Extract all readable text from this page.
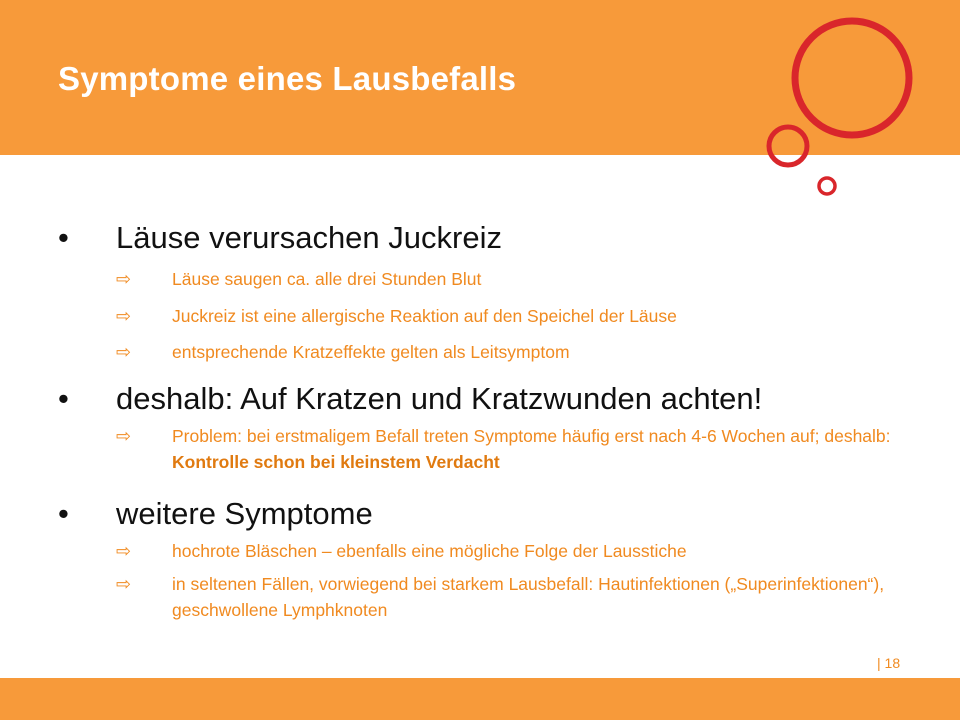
Symptome eines Lausbefalls
• Läuse verursachen Juckreiz
⇨ Läuse saugen ca. alle drei Stunden Blut
⇨ Juckreiz ist eine allergische Reaktion auf den Speichel der Läuse
⇨ entsprechende Kratzeffekte gelten als Leitsymptom
• deshalb: Auf Kratzen und Kratzwunden achten!
⇨ Problem: bei erstmaligem Befall treten Symptome häufig erst nach 4-6 Wochen auf; deshalb: Kontrolle schon bei kleinstem Verdacht
• weitere Symptome
⇨ hochrote Bläschen – ebenfalls eine mögliche Folge der Lausstiche
⇨ in seltenen Fällen, vorwiegend bei starkem Lausbefall: Hautinfektionen („Superinfektionen“), geschwollene Lymphknoten
| 18
